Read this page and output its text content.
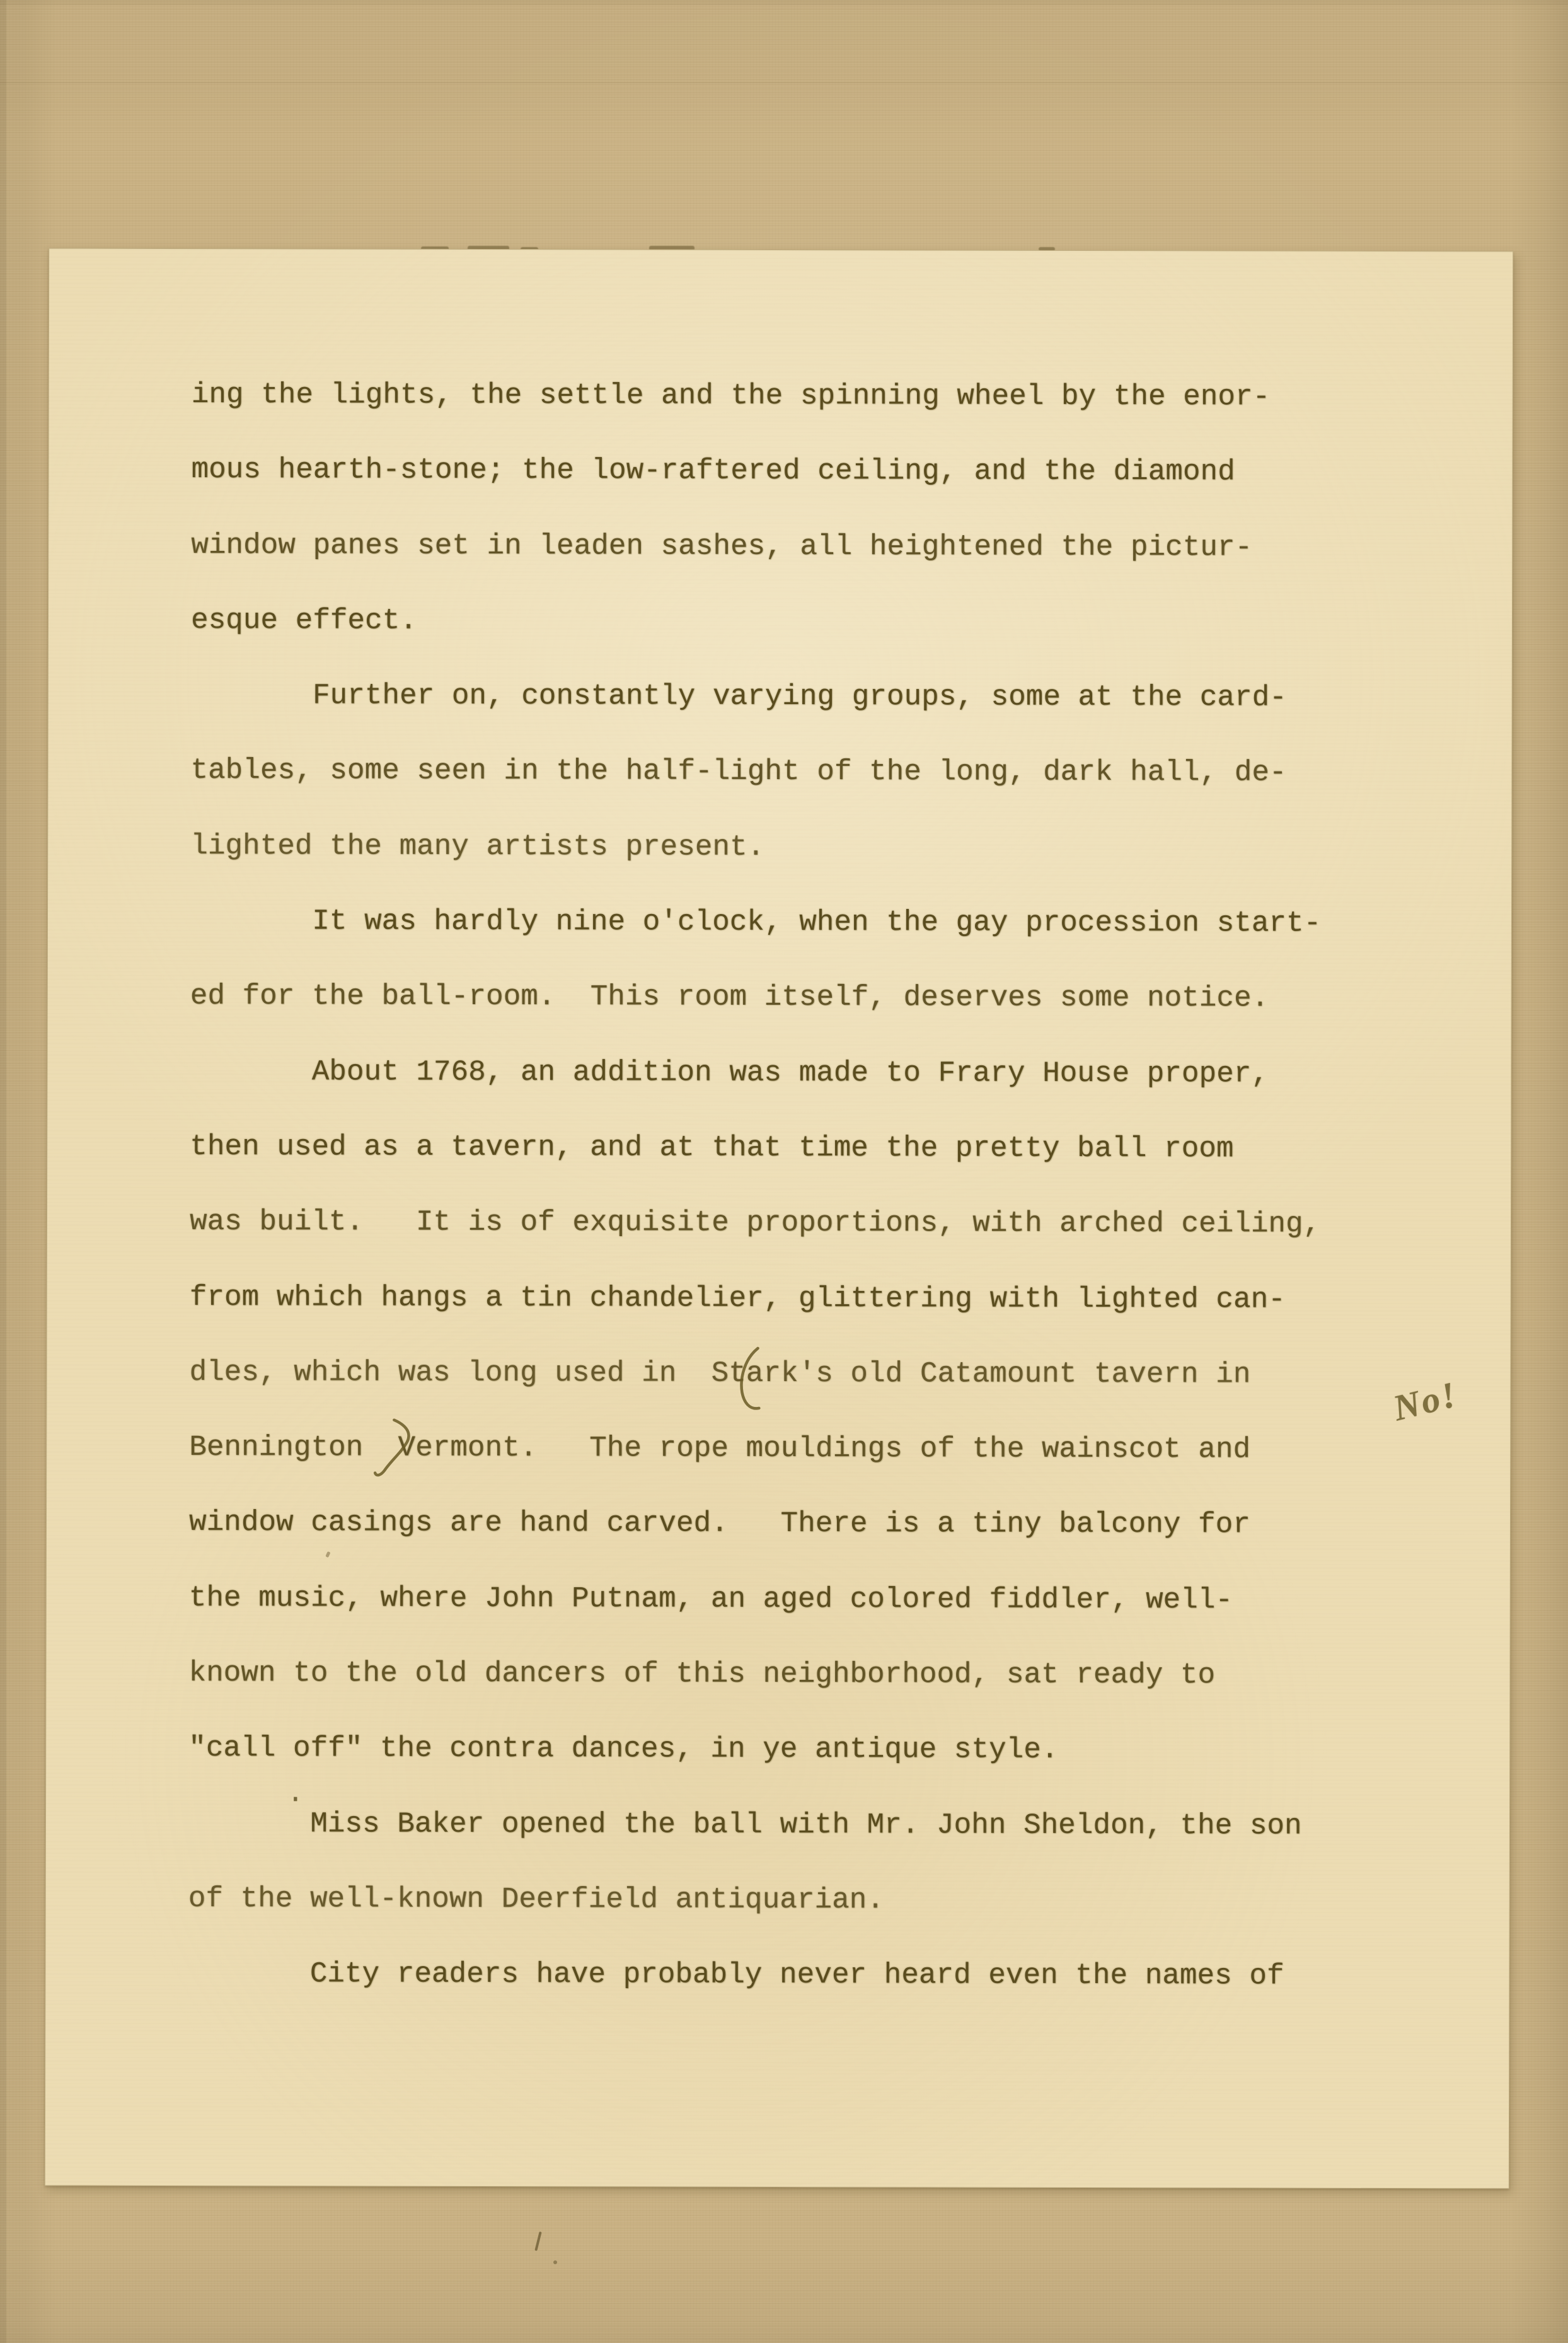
ing the lights, the settle and the spinning wheel by the enor-
mous hearth-stone; the low-raftered ceiling, and the diamond
window panes set in leaden sashes, all heightened the pictur-
esque effect.
Further on, constantly varying groups, some at the card-
tables, some seen in the half-light of the long, dark hall, de-
lighted the many artists present.
It was hardly nine o'clock, when the gay procession start-
ed for the ball-room.  This room itself, deserves some notice.
About 1768, an addition was made to Frary House proper,
then used as a tavern, and at that time the pretty ball room
was built.   It is of exquisite proportions, with arched ceiling,
from which hangs a tin chandelier, glittering with lighted can-
dles, which was long used in  Stark's old Catamount tavern in
Bennington  Vermont.   The rope mouldings of the wainscot and
window casings are hand carved.   There is a tiny balcony for
the music, where John Putnam, an aged colored fiddler, well-
known to the old dancers of this neighborhood, sat ready to
"call off" the contra dances, in ye antique style.
Miss Baker opened the ball with Mr. John Sheldon, the son
of the well-known Deerfield antiquarian.
City readers have probably never heard even the names of
No!
.
